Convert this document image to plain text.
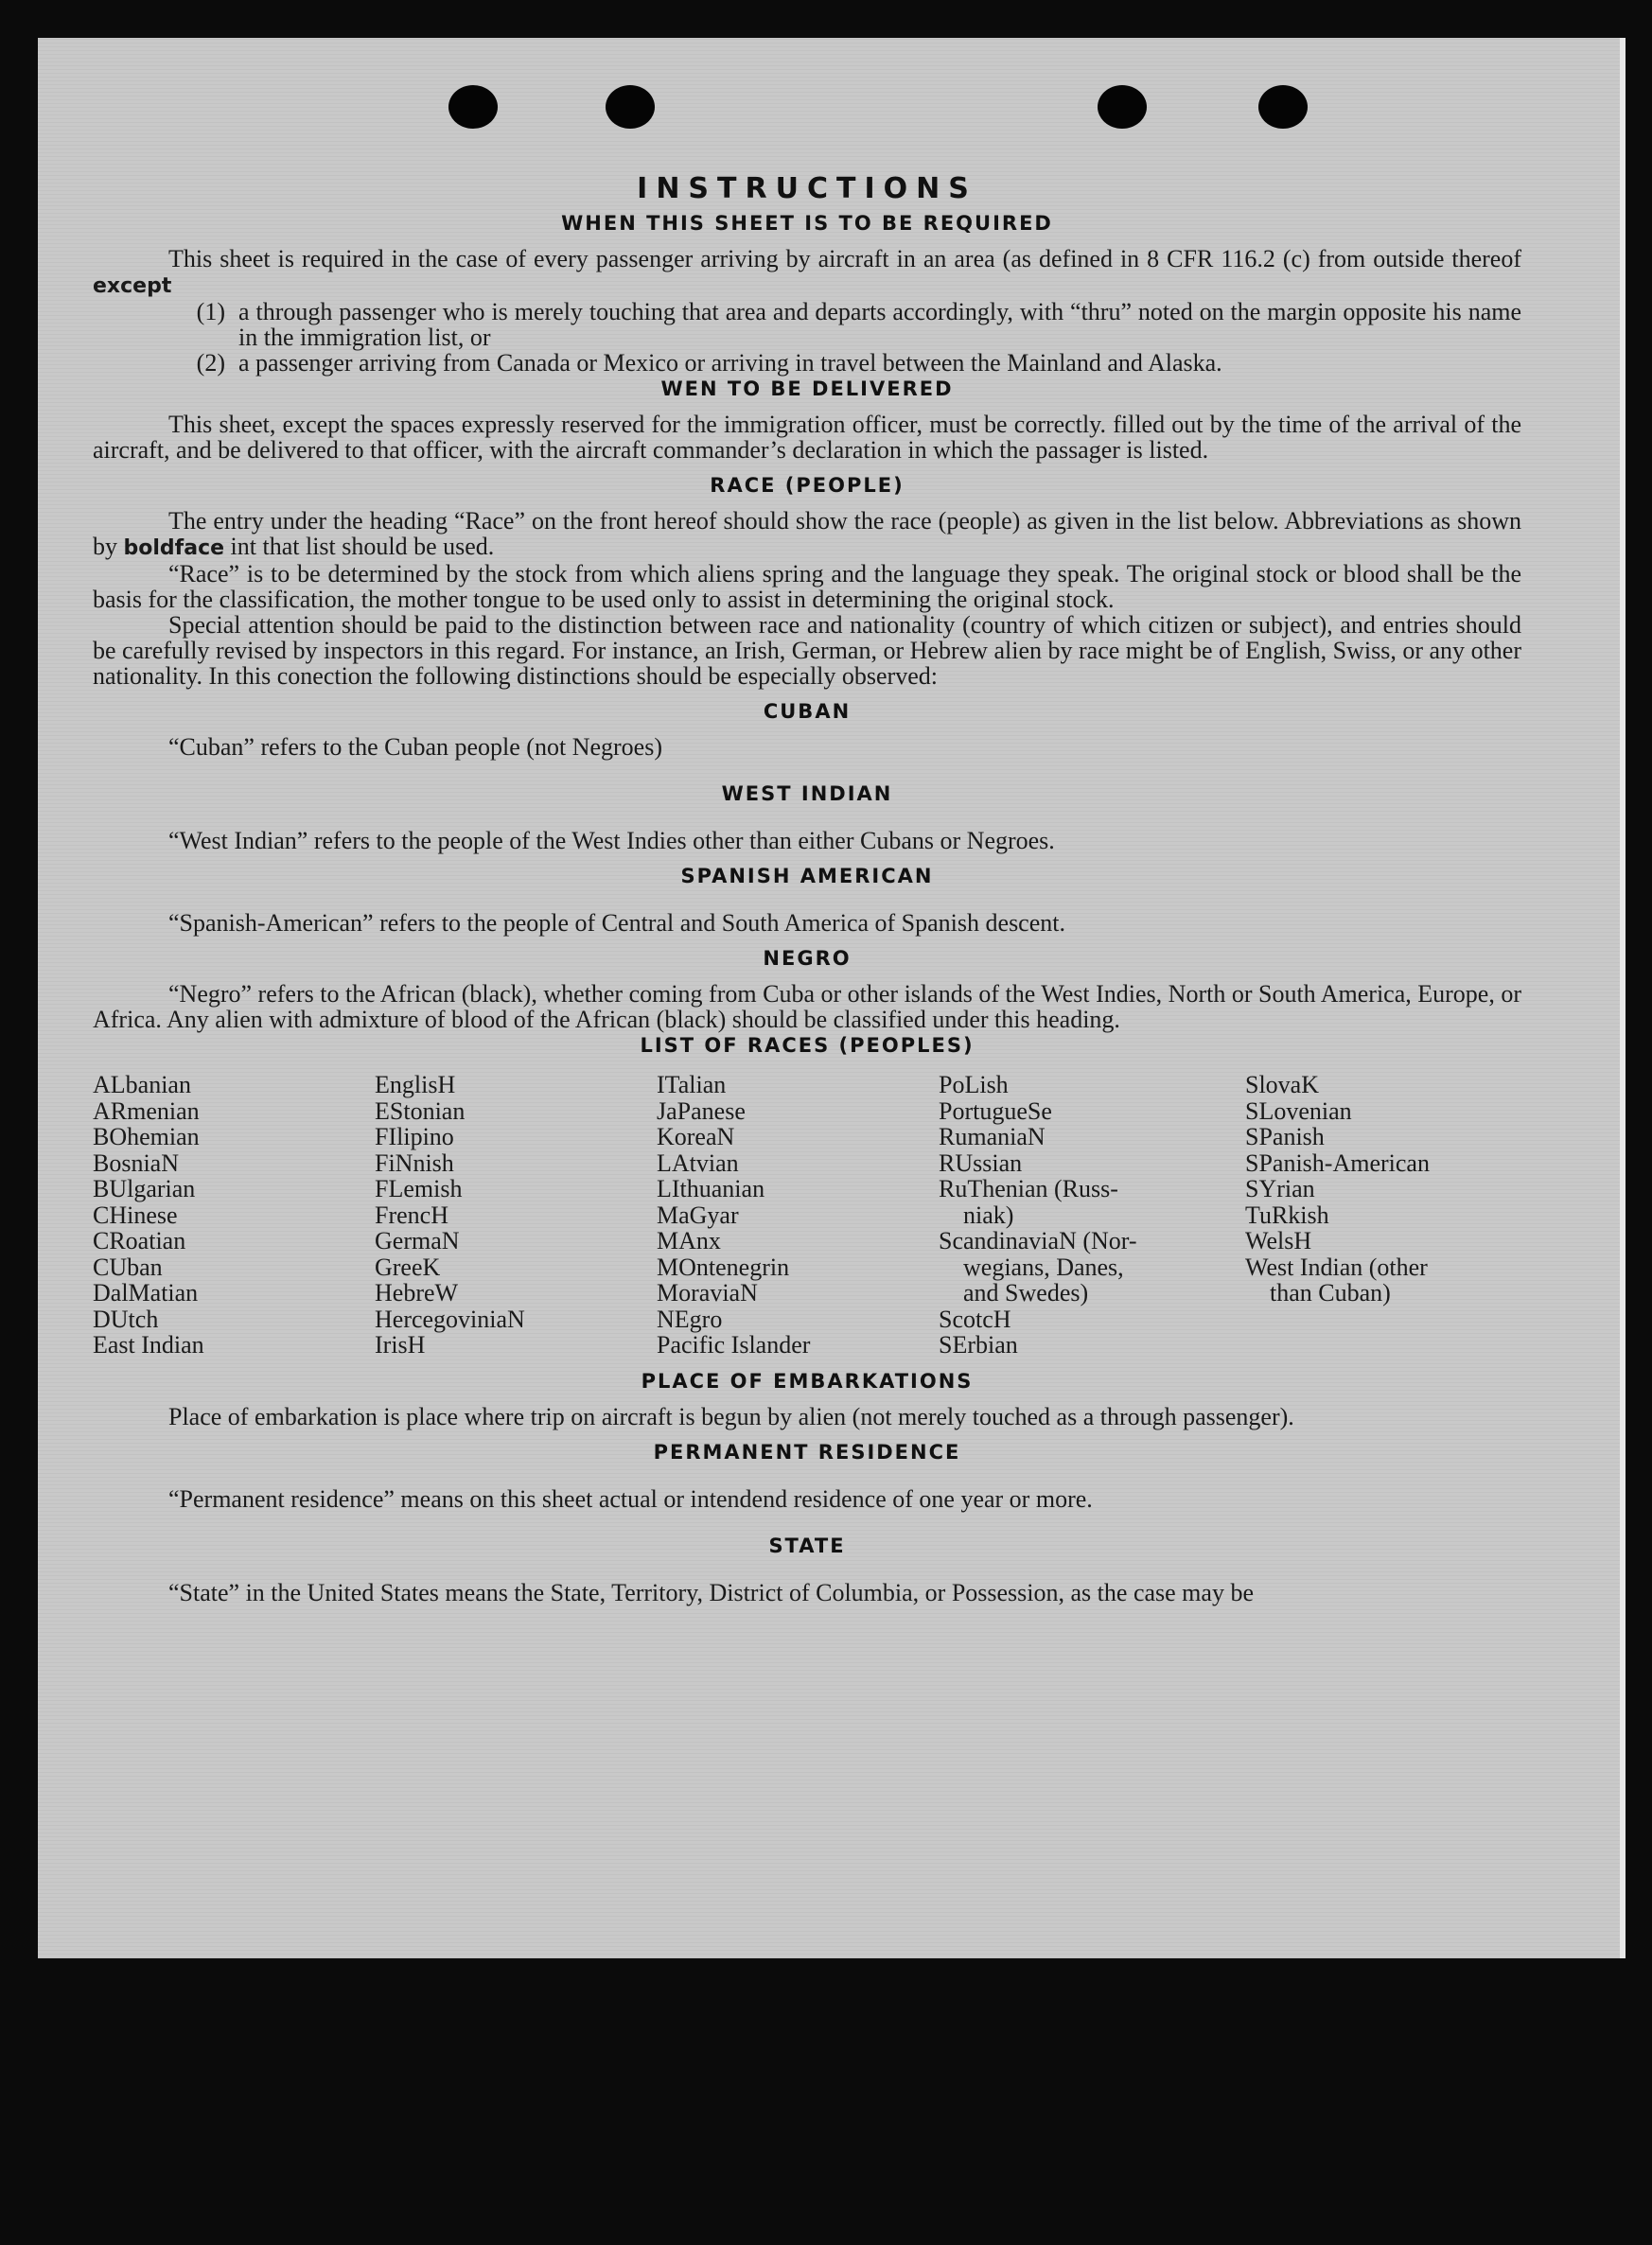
INSTRUCTIONS
WHEN THIS SHEET IS TO BE REQUIRED

This sheet is required in the case of every passenger arriving by aircraft in an area (as defined in 8 CFR 116.2 (c) from outside thereof except

(1) a through passenger who is merely touching that area and departs accordingly, with “thru” noted on the margin opposite his name in the immigration list, or
(2) a passenger arriving from Canada or Mexico or arriving in travel between the Mainland and Alaska.
WEN TO BE DELIVERED

This sheet, except the spaces expressly reserved for the immigration officer, must be correctly. filled out by the time of the arrival of the aircraft, and be delivered to that officer, with the aircraft commander’s declaration in which the passager is listed.

RACE (PEOPLE)

The entry under the heading “Race” on the front hereof should show the race (people) as given in the list below. Abbreviations as shown by boldface int that list should be used.

“Race” is to be determined by the stock from which aliens spring and the language they speak. The original stock or blood shall be the basis for the classification, the mother tongue to be used only to assist in determining the original stock.

Special attention should be paid to the distinction between race and nationality (country of which citizen or subject), and entries should be carefully revised by inspectors in this regard. For instance, an Irish, German, or Hebrew alien by race might be of English, Swiss, or any other nationality. In this conection the following distinctions should be especially observed:

CUBAN

“Cuban” refers to the Cuban people (not Negroes)

WEST INDIAN

“West Indian” refers to the people of the West Indies other than either Cubans or Negroes.

SPANISH AMERICAN

“Spanish-American” refers to the people of Central and South America of Spanish descent.

NEGRO

“Negro” refers to the African (black), whether coming from Cuba or other islands of the West Indies, North or South America, Europe, or Africa. Any alien with admixture of blood of the African (black) should be classified under this heading.

LIST OF RACES (PEOPLES)
ALbanian
ARmenian
BOhemian
BosniaN
BUlgarian
CHinese
CRoatian
CUban
DalMatian
DUtch
East Indian
EnglisH
EStonian
FIlipino
FiNnish
FLemish
FrencH
GermaN
GreeK
HebreW
HercegoviniaN
IrisH
ITalian
JaPanese
KoreaN
LAtvian
LIthuanian
MaGyar
MAnx
MOntenegrin
MoraviaN
NEgro
Pacific Islander
PoLish
PortugueSe
RumaniaN
RUssian
RuThenian (Russ-
niak)
ScandinaviaN (Nor-
wegians, Danes,
and Swedes)
ScotcH
SErbian
SlovaK
SLovenian
SPanish
SPanish-American
SYrian
TuRkish
WelsH
West Indian (other
than Cuban)
PLACE OF EMBARKATIONS

Place of embarkation is place where trip on aircraft is begun by alien (not merely touched as a through passenger).

PERMANENT RESIDENCE

“Permanent residence” means on this sheet actual or intendend residence of one year or more.

STATE

“State” in the United States means the State, Territory, District of Columbia, or Possession, as the case may be
